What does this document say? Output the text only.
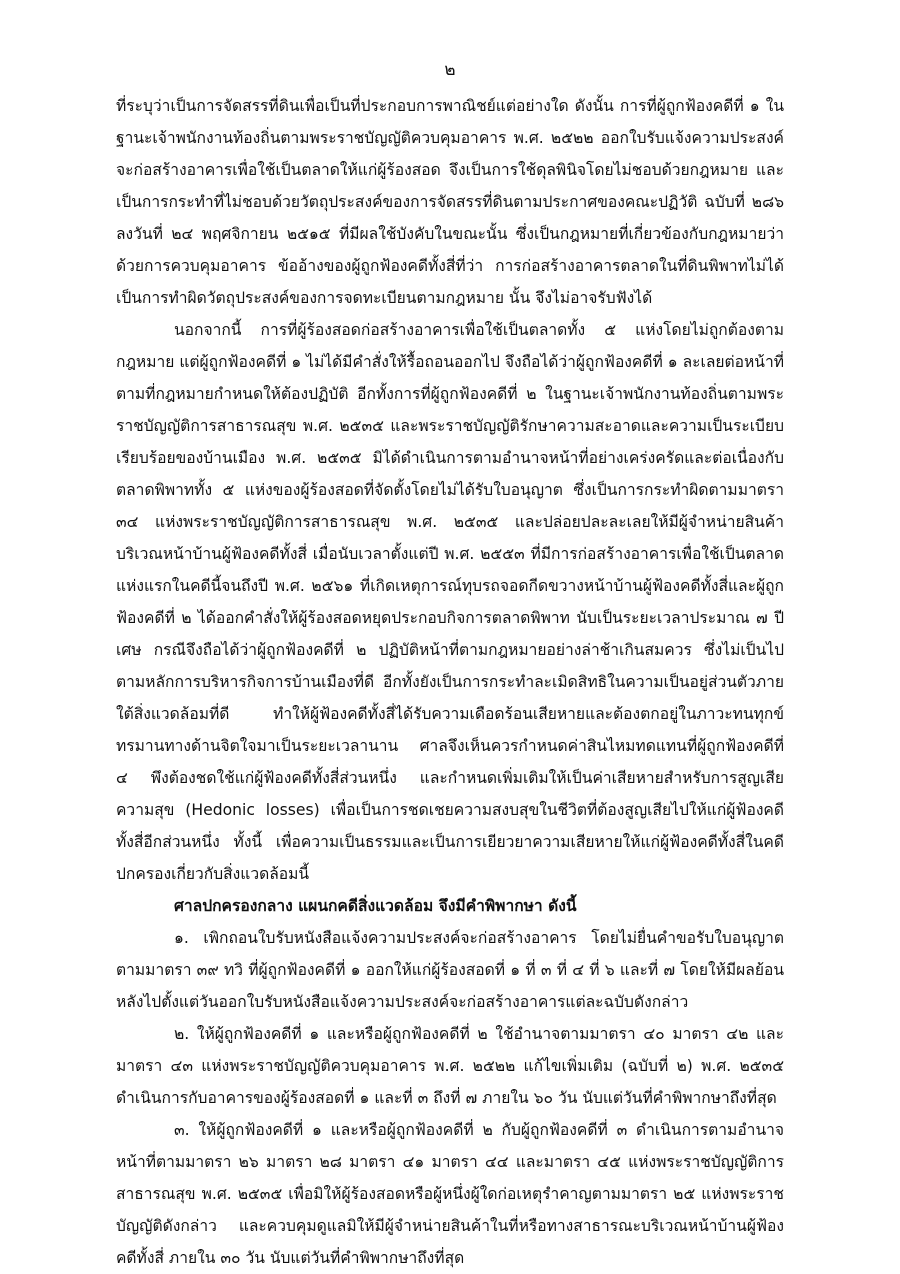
๒

ที่ระบุว่าเป็นการจัดสรรที่ดินเพื่อเป็นที่ประกอบการพาณิชย์แต่อย่างใด ดังนั้น การที่ผู้ถูกฟ้องคดีที่ ๑ ในฐานะเจ้าพนักงานท้องถิ่นตามพระราชบัญญัติควบคุมอาคาร พ.ศ. ๒๕๒๒ ออกใบรับแจ้งความประสงค์จะก่อสร้างอาคารเพื่อใช้เป็นตลาดให้แก่ผู้ร้องสอด จึงเป็นการใช้ดุลพินิจโดยไม่ชอบด้วยกฎหมาย และเป็นการกระทำที่ไม่ชอบด้วยวัตถุประสงค์ของการจัดสรรที่ดินตามประกาศของคณะปฏิวัติ ฉบับที่ ๒๘๖ ลงวันที่ ๒๔ พฤศจิกายน ๒๕๑๕ ที่มีผลใช้บังคับในขณะนั้น ซึ่งเป็นกฎหมายที่เกี่ยวข้องกับกฎหมายว่าด้วยการควบคุมอาคาร ข้ออ้างของผู้ถูกฟ้องคดีทั้งสี่ที่ว่า การก่อสร้างอาคารตลาดในที่ดินพิพาทไม่ได้เป็นการทำผิดวัตถุประสงค์ของการจดทะเบียนตามกฎหมาย นั้น จึงไม่อาจรับฟังได้

นอกจากนี้ การที่ผู้ร้องสอดก่อสร้างอาคารเพื่อใช้เป็นตลาดทั้ง ๕ แห่งโดยไม่ถูกต้องตามกฎหมาย แต่ผู้ถูกฟ้องคดีที่ ๑ ไม่ได้มีคำสั่งให้รื้อถอนออกไป จึงถือได้ว่าผู้ถูกฟ้องคดีที่ ๑ ละเลยต่อหน้าที่ตามที่กฎหมายกำหนดให้ต้องปฏิบัติ อีกทั้งการที่ผู้ถูกฟ้องคดีที่ ๒ ในฐานะเจ้าพนักงานท้องถิ่นตามพระราชบัญญัติการสาธารณสุข พ.ศ. ๒๕๓๕ และพระราชบัญญัติรักษาความสะอาดและความเป็นระเบียบเรียบร้อยของบ้านเมือง พ.ศ. ๒๕๓๕ มิได้ดำเนินการตามอำนาจหน้าที่อย่างเคร่งครัดและต่อเนื่องกับตลาดพิพาททั้ง ๕ แห่งของผู้ร้องสอดที่จัดตั้งโดยไม่ได้รับใบอนุญาต ซึ่งเป็นการกระทำผิดตามมาตรา ๓๔ แห่งพระราชบัญญัติการสาธารณสุข พ.ศ. ๒๕๓๕ และปล่อยปละละเลยให้มีผู้จำหน่ายสินค้าบริเวณหน้าบ้านผู้ฟ้องคดีทั้งสี่ เมื่อนับเวลาตั้งแต่ปี พ.ศ. ๒๕๕๓ ที่มีการก่อสร้างอาคารเพื่อใช้เป็นตลาดแห่งแรกในคดีนี้จนถึงปี พ.ศ. ๒๕๖๑ ที่เกิดเหตุการณ์ทุบรถจอดกีดขวางหน้าบ้านผู้ฟ้องคดีทั้งสี่และผู้ถูกฟ้องคดีที่ ๒ ได้ออกคำสั่งให้ผู้ร้องสอดหยุดประกอบกิจการตลาดพิพาท นับเป็นระยะเวลาประมาณ ๗ ปีเศษ กรณีจึงถือได้ว่าผู้ถูกฟ้องคดีที่ ๒ ปฏิบัติหน้าที่ตามกฎหมายอย่างล่าช้าเกินสมควร ซึ่งไม่เป็นไปตามหลักการบริหารกิจการบ้านเมืองที่ดี อีกทั้งยังเป็นการกระทำละเมิดสิทธิในความเป็นอยู่ส่วนตัวภายใต้สิ่งแวดล้อมที่ดี ทำให้ผู้ฟ้องคดีทั้งสี่ได้รับความเดือดร้อนเสียหายและต้องตกอยู่ในภาวะทนทุกข์ทรมานทางด้านจิตใจมาเป็นระยะเวลานาน ศาลจึงเห็นควรกำหนดค่าสินไหมทดแทนที่ผู้ถูกฟ้องคดีที่ ๔ พึงต้องชดใช้แก่ผู้ฟ้องคดีทั้งสี่ส่วนหนึ่ง และกำหนดเพิ่มเติมให้เป็นค่าเสียหายสำหรับการสูญเสียความสุข (Hedonic losses) เพื่อเป็นการชดเชยความสงบสุขในชีวิตที่ต้องสูญเสียไปให้แก่ผู้ฟ้องคดีทั้งสี่อีกส่วนหนึ่ง ทั้งนี้ เพื่อความเป็นธรรมและเป็นการเยียวยาความเสียหายให้แก่ผู้ฟ้องคดีทั้งสี่ในคดีปกครองเกี่ยวกับสิ่งแวดล้อมนี้

ศาลปกครองกลาง แผนกคดีสิ่งแวดล้อม จึงมีคำพิพากษา ดังนี้

๑. เพิกถอนใบรับหนังสือแจ้งความประสงค์จะก่อสร้างอาคาร โดยไม่ยื่นคำขอรับใบอนุญาตตามมาตรา ๓๙ ทวิ ที่ผู้ถูกฟ้องคดีที่ ๑ ออกให้แก่ผู้ร้องสอดที่ ๑ ที่ ๓ ที่ ๔ ที่ ๖ และที่ ๗ โดยให้มีผลย้อนหลังไปตั้งแต่วันออกใบรับหนังสือแจ้งความประสงค์จะก่อสร้างอาคารแต่ละฉบับดังกล่าว

๒. ให้ผู้ถูกฟ้องคดีที่ ๑ และหรือผู้ถูกฟ้องคดีที่ ๒ ใช้อำนาจตามมาตรา ๔๐ มาตรา ๔๒ และมาตรา ๔๓ แห่งพระราชบัญญัติควบคุมอาคาร พ.ศ. ๒๕๒๒ แก้ไขเพิ่มเติม (ฉบับที่ ๒) พ.ศ. ๒๕๓๕ ดำเนินการกับอาคารของผู้ร้องสอดที่ ๑ และที่ ๓ ถึงที่ ๗ ภายใน ๖๐ วัน นับแต่วันที่คำพิพากษาถึงที่สุด

๓. ให้ผู้ถูกฟ้องคดีที่ ๑ และหรือผู้ถูกฟ้องคดีที่ ๒ กับผู้ถูกฟ้องคดีที่ ๓ ดำเนินการตามอำนาจหน้าที่ตามมาตรา ๒๖ มาตรา ๒๘ มาตรา ๔๑ มาตรา ๔๔ และมาตรา ๔๕ แห่งพระราชบัญญัติการสาธารณสุข พ.ศ. ๒๕๓๕ เพื่อมิให้ผู้ร้องสอดหรือผู้หนึ่งผู้ใดก่อเหตุรำคาญตามมาตรา ๒๕ แห่งพระราชบัญญัติดังกล่าว และควบคุมดูแลมิให้มีผู้จำหน่ายสินค้าในที่หรือทางสาธารณะบริเวณหน้าบ้านผู้ฟ้องคดีทั้งสี่ ภายใน ๓๐ วัน นับแต่วันที่คำพิพากษาถึงที่สุด
